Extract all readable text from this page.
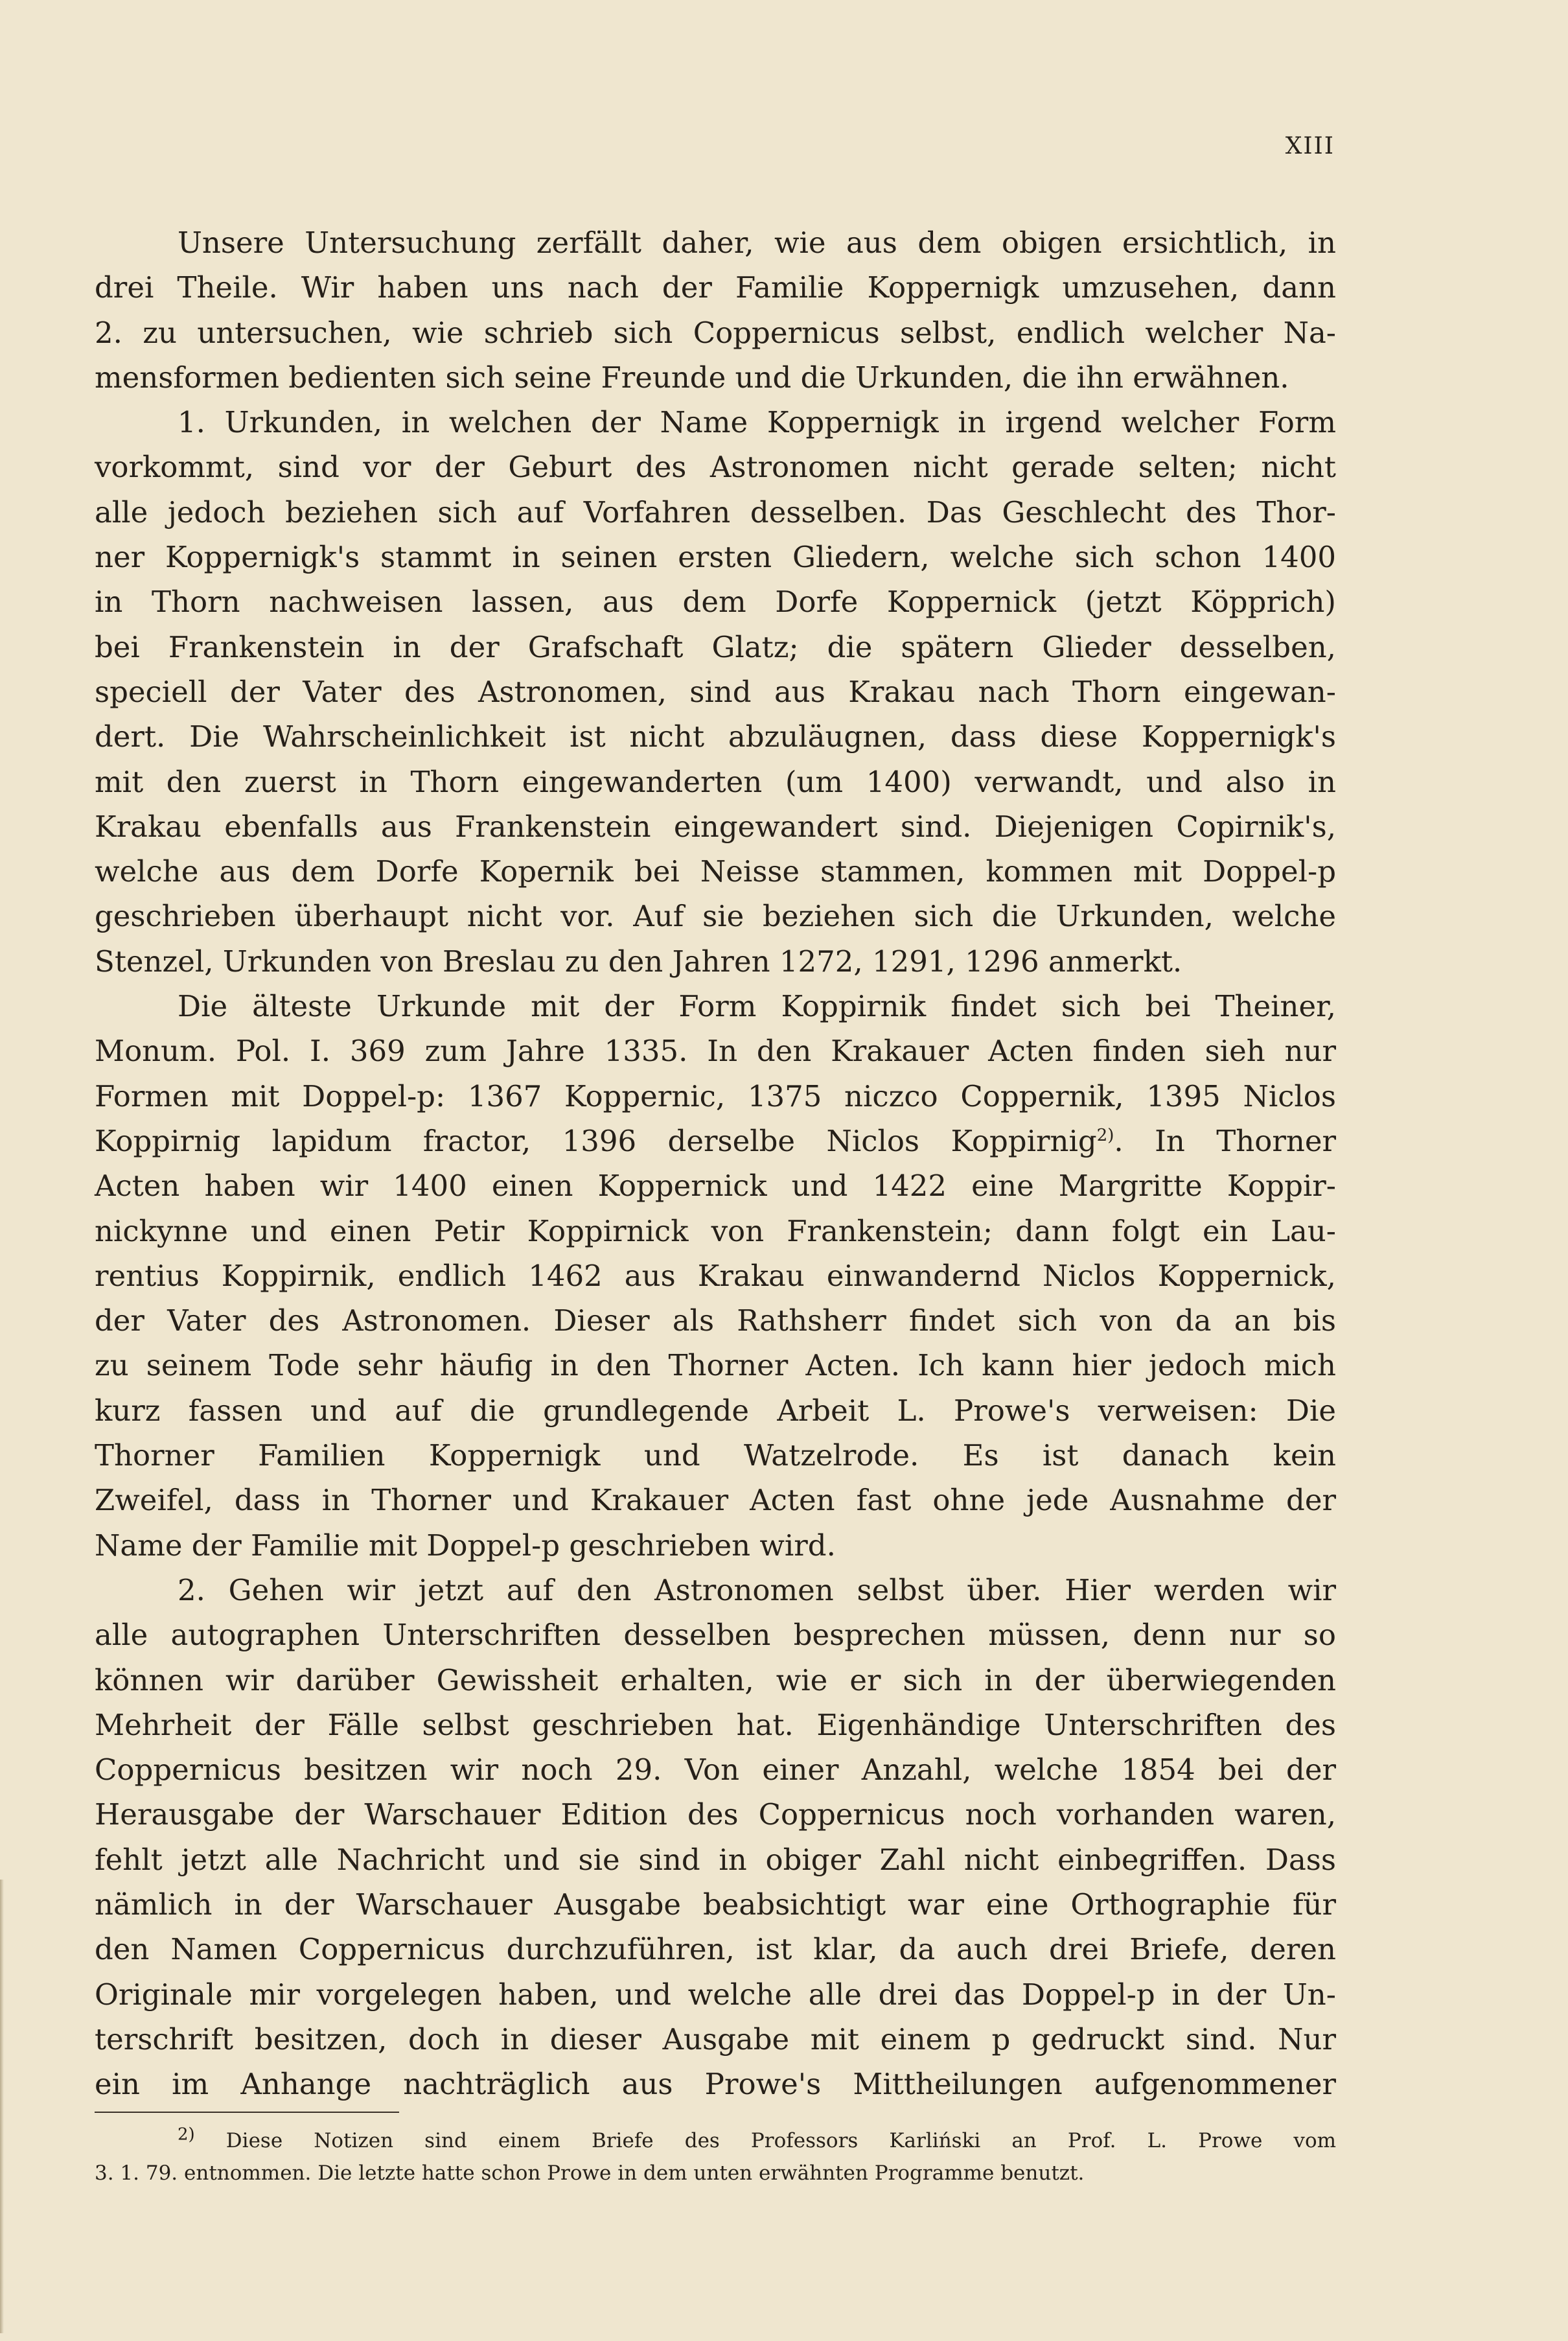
XIII
Unsere Untersuchung zerfällt daher, wie aus dem obigen ersichtlich, in
drei Theile. Wir haben uns nach der Familie Koppernigk umzusehen, dann
2. zu untersuchen, wie schrieb sich Coppernicus selbst, endlich welcher Na-
mensformen bedienten sich seine Freunde und die Urkunden, die ihn erwähnen.
1. Urkunden, in welchen der Name Koppernigk in irgend welcher Form
vorkommt, sind vor der Geburt des Astronomen nicht gerade selten; nicht
alle jedoch beziehen sich auf Vorfahren desselben. Das Geschlecht des Thor-
ner Koppernigk's stammt in seinen ersten Gliedern, welche sich schon 1400
in Thorn nachweisen lassen, aus dem Dorfe Koppernick (jetzt Köpprich)
bei Frankenstein in der Grafschaft Glatz; die spätern Glieder desselben,
speciell der Vater des Astronomen, sind aus Krakau nach Thorn eingewan-
dert. Die Wahrscheinlichkeit ist nicht abzuläugnen, dass diese Koppernigk's
mit den zuerst in Thorn eingewanderten (um 1400) verwandt, und also in
Krakau ebenfalls aus Frankenstein eingewandert sind. Diejenigen Copirnik's,
welche aus dem Dorfe Kopernik bei Neisse stammen, kommen mit Doppel-p
geschrieben überhaupt nicht vor. Auf sie beziehen sich die Urkunden, welche
Stenzel, Urkunden von Breslau zu den Jahren 1272, 1291, 1296 anmerkt.
Die älteste Urkunde mit der Form Koppirnik findet sich bei Theiner,
Monum. Pol. I. 369 zum Jahre 1335. In den Krakauer Acten finden sieh nur
Formen mit Doppel-p: 1367 Koppernic, 1375 niczco Coppernik, 1395 Niclos
Koppirnig lapidum fractor, 1396 derselbe Niclos Koppirnig$^{2)}$. In Thorner
Acten haben wir 1400 einen Koppernick und 1422 eine Margritte Koppir-
nickynne und einen Petir Koppirnick von Frankenstein; dann folgt ein Lau-
rentius Koppirnik, endlich 1462 aus Krakau einwandernd Niclos Koppernick,
der Vater des Astronomen. Dieser als Rathsherr findet sich von da an bis
zu seinem Tode sehr häufig in den Thorner Acten. Ich kann hier jedoch mich
kurz fassen und auf die grundlegende Arbeit L. Prowe's verweisen: Die
Thorner Familien Koppernigk und Watzelrode. Es ist danach kein
Zweifel, dass in Thorner und Krakauer Acten fast ohne jede Ausnahme der
Name der Familie mit Doppel-p geschrieben wird.
2. Gehen wir jetzt auf den Astronomen selbst über. Hier werden wir
alle autographen Unterschriften desselben besprechen müssen, denn nur so
können wir darüber Gewissheit erhalten, wie er sich in der überwiegenden
Mehrheit der Fälle selbst geschrieben hat. Eigenhändige Unterschriften des
Coppernicus besitzen wir noch 29. Von einer Anzahl, welche 1854 bei der
Herausgabe der Warschauer Edition des Coppernicus noch vorhanden waren,
fehlt jetzt alle Nachricht und sie sind in obiger Zahl nicht einbegriffen. Dass
nämlich in der Warschauer Ausgabe beabsichtigt war eine Orthographie für
den Namen Coppernicus durchzuführen, ist klar, da auch drei Briefe, deren
Originale mir vorgelegen haben, und welche alle drei das Doppel-p in der Un-
terschrift besitzen, doch in dieser Ausgabe mit einem p gedruckt sind. Nur
ein im Anhange nachträglich aus Prowe's Mittheilungen aufgenommener
$^{2)}$ Diese Notizen sind einem Briefe des Professors Karliński an Prof. L. Prowe vom
3. 1. 79. entnommen. Die letzte hatte schon Prowe in dem unten erwähnten Programme benutzt.
